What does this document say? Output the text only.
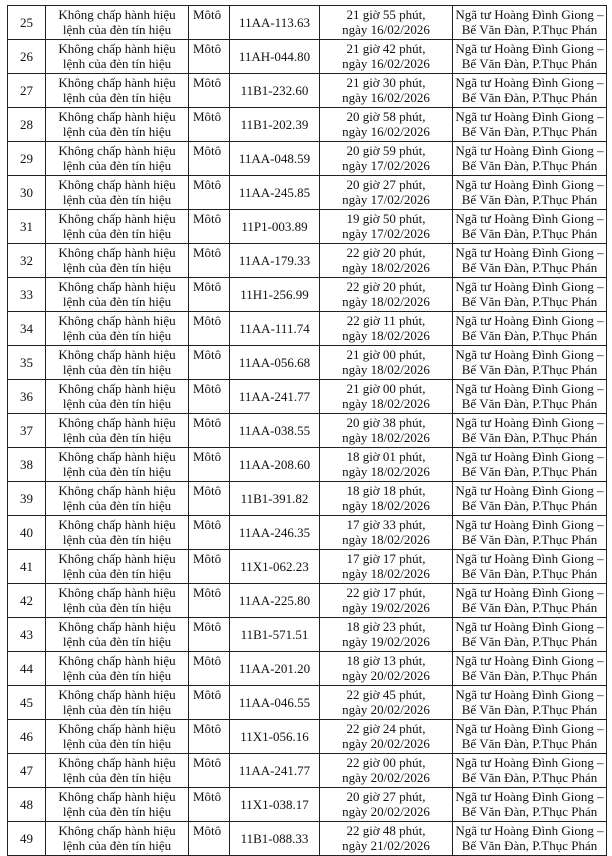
25	Không chấp hành hiệu
lệnh của đèn tín hiệu	Môtô	11AA-113.63	21 giờ 55 phút,
ngày 16/02/2026	Ngã tư Hoàng Đình Giong –
Bế Văn Đàn, P.Thục Phán

26	Không chấp hành hiệu
lệnh của đèn tín hiệu	Môtô	11AH-044.80	21 giờ 42 phút,
ngày 16/02/2026	Ngã tư Hoàng Đình Giong –
Bế Văn Đàn, P.Thục Phán

27	Không chấp hành hiệu
lệnh của đèn tín hiệu	Môtô	11B1-232.60	21 giờ 30 phút,
ngày 16/02/2026	Ngã tư Hoàng Đình Giong –
Bế Văn Đàn, P.Thục Phán

28	Không chấp hành hiệu
lệnh của đèn tín hiệu	Môtô	11B1-202.39	20 giờ 58 phút,
ngày 16/02/2026	Ngã tư Hoàng Đình Giong –
Bế Văn Đàn, P.Thục Phán

29	Không chấp hành hiệu
lệnh của đèn tín hiệu	Môtô	11AA-048.59	20 giờ 59 phút,
ngày 17/02/2026	Ngã tư Hoàng Đình Giong –
Bế Văn Đàn, P.Thục Phán

30	Không chấp hành hiệu
lệnh của đèn tín hiệu	Môtô	11AA-245.85	20 giờ 27 phút,
ngày 17/02/2026	Ngã tư Hoàng Đình Giong –
Bế Văn Đàn, P.Thục Phán

31	Không chấp hành hiệu
lệnh của đèn tín hiệu	Môtô	11P1-003.89	19 giờ 50 phút,
ngày 17/02/2026	Ngã tư Hoàng Đình Giong –
Bế Văn Đàn, P.Thục Phán

32	Không chấp hành hiệu
lệnh của đèn tín hiệu	Môtô	11AA-179.33	22 giờ 20 phút,
ngày 18/02/2026	Ngã tư Hoàng Đình Giong –
Bế Văn Đàn, P.Thục Phán

33	Không chấp hành hiệu
lệnh của đèn tín hiệu	Môtô	11H1-256.99	22 giờ 20 phút,
ngày 18/02/2026	Ngã tư Hoàng Đình Giong –
Bế Văn Đàn, P.Thục Phán

34	Không chấp hành hiệu
lệnh của đèn tín hiệu	Môtô	11AA-111.74	22 giờ 11 phút,
ngày 18/02/2026	Ngã tư Hoàng Đình Giong –
Bế Văn Đàn, P.Thục Phán

35	Không chấp hành hiệu
lệnh của đèn tín hiệu	Môtô	11AA-056.68	21 giờ 00 phút,
ngày 18/02/2026	Ngã tư Hoàng Đình Giong –
Bế Văn Đàn, P.Thục Phán

36	Không chấp hành hiệu
lệnh của đèn tín hiệu	Môtô	11AA-241.77	21 giờ 00 phút,
ngày 18/02/2026	Ngã tư Hoàng Đình Giong –
Bế Văn Đàn, P.Thục Phán

37	Không chấp hành hiệu
lệnh của đèn tín hiệu	Môtô	11AA-038.55	20 giờ 38 phút,
ngày 18/02/2026	Ngã tư Hoàng Đình Giong –
Bế Văn Đàn, P.Thục Phán

38	Không chấp hành hiệu
lệnh của đèn tín hiệu	Môtô	11AA-208.60	18 giờ 01 phút,
ngày 18/02/2026	Ngã tư Hoàng Đình Giong –
Bế Văn Đàn, P.Thục Phán

39	Không chấp hành hiệu
lệnh của đèn tín hiệu	Môtô	11B1-391.82	18 giờ 18 phút,
ngày 18/02/2026	Ngã tư Hoàng Đình Giong –
Bế Văn Đàn, P.Thục Phán

40	Không chấp hành hiệu
lệnh của đèn tín hiệu	Môtô	11AA-246.35	17 giờ 33 phút,
ngày 18/02/2026	Ngã tư Hoàng Đình Giong –
Bế Văn Đàn, P.Thục Phán

41	Không chấp hành hiệu
lệnh của đèn tín hiệu	Môtô	11X1-062.23	17 giờ 17 phút,
ngày 18/02/2026	Ngã tư Hoàng Đình Giong –
Bế Văn Đàn, P.Thục Phán

42	Không chấp hành hiệu
lệnh của đèn tín hiệu	Môtô	11AA-225.80	22 giờ 17 phút,
ngày 19/02/2026	Ngã tư Hoàng Đình Giong –
Bế Văn Đàn, P.Thục Phán

43	Không chấp hành hiệu
lệnh của đèn tín hiệu	Môtô	11B1-571.51	18 giờ 23 phút,
ngày 19/02/2026	Ngã tư Hoàng Đình Giong –
Bế Văn Đàn, P.Thục Phán

44	Không chấp hành hiệu
lệnh của đèn tín hiệu	Môtô	11AA-201.20	18 giờ 13 phút,
ngày 20/02/2026	Ngã tư Hoàng Đình Giong –
Bế Văn Đàn, P.Thục Phán

45	Không chấp hành hiệu
lệnh của đèn tín hiệu	Môtô	11AA-046.55	22 giờ 45 phút,
ngày 20/02/2026	Ngã tư Hoàng Đình Giong –
Bế Văn Đàn, P.Thục Phán

46	Không chấp hành hiệu
lệnh của đèn tín hiệu	Môtô	11X1-056.16	22 giờ 24 phút,
ngày 20/02/2026	Ngã tư Hoàng Đình Giong –
Bế Văn Đàn, P.Thục Phán

47	Không chấp hành hiệu
lệnh của đèn tín hiệu	Môtô	11AA-241.77	22 giờ 00 phút,
ngày 20/02/2026	Ngã tư Hoàng Đình Giong –
Bế Văn Đàn, P.Thục Phán

48	Không chấp hành hiệu
lệnh của đèn tín hiệu	Môtô	11X1-038.17	20 giờ 27 phút,
ngày 20/02/2026	Ngã tư Hoàng Đình Giong –
Bế Văn Đàn, P.Thục Phán

49	Không chấp hành hiệu
lệnh của đèn tín hiệu	Môtô	11B1-088.33	22 giờ 48 phút,
ngày 21/02/2026	Ngã tư Hoàng Đình Giong –
Bế Văn Đàn, P.Thục Phán
